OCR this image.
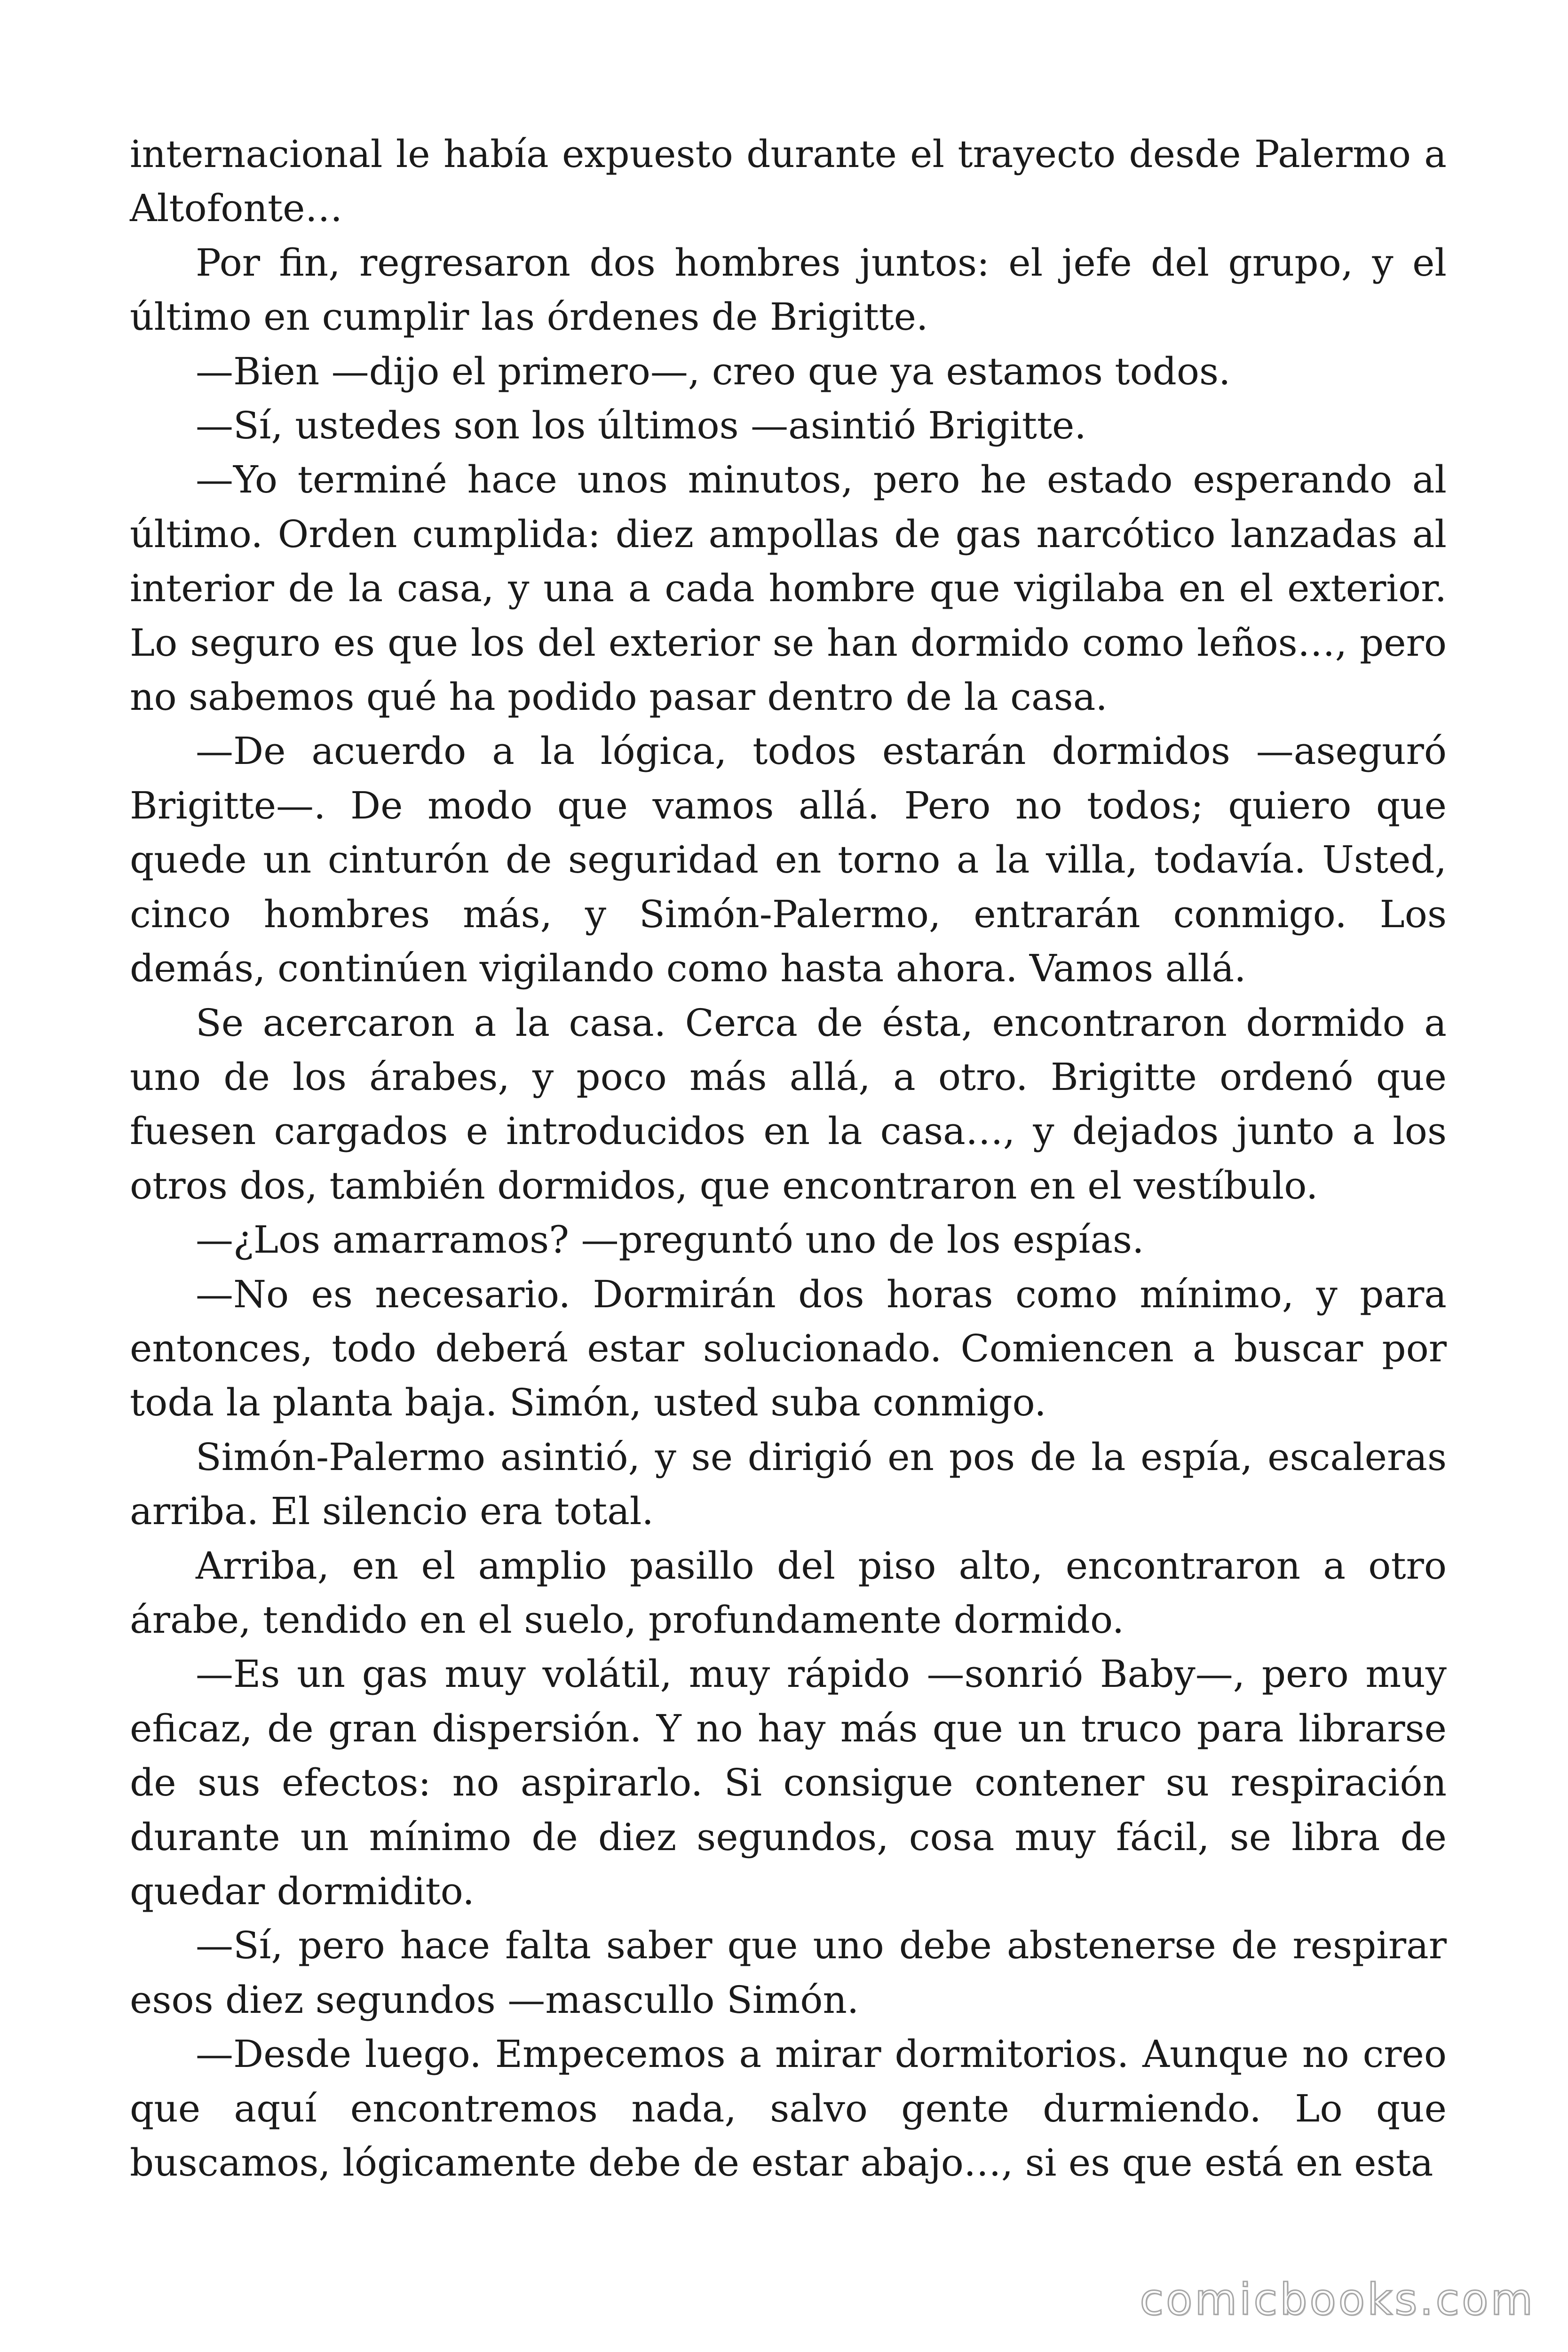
internacional le había expuesto durante el trayecto desde Palermo a Altofonte…

Por fin, regresaron dos hombres juntos: el jefe del grupo, y el último en cumplir las órdenes de Brigitte.

—Bien —dijo el primero—, creo que ya estamos todos.

—Sí, ustedes son los últimos —asintió Brigitte.

—Yo terminé hace unos minutos, pero he estado esperando al último. Orden cumplida: diez ampollas de gas narcótico lanzadas al interior de la casa, y una a cada hombre que vigilaba en el exterior. Lo seguro es que los del exterior se han dormido como leños…, pero no sabemos qué ha podido pasar dentro de la casa.

—De acuerdo a la lógica, todos estarán dormidos —aseguró Brigitte—. De modo que vamos allá. Pero no todos; quiero que quede un cinturón de seguridad en torno a la villa, todavía. Usted, cinco hombres más, y Simón-Palermo, entrarán conmigo. Los demás, continúen vigilando como hasta ahora. Vamos allá.

Se acercaron a la casa. Cerca de ésta, encontraron dormido a uno de los árabes, y poco más allá, a otro. Brigitte ordenó que fuesen cargados e introducidos en la casa…, y dejados junto a los otros dos, también dormidos, que encontraron en el vestíbulo.

—¿Los amarramos? —preguntó uno de los espías.

—No es necesario. Dormirán dos horas como mínimo, y para entonces, todo deberá estar solucionado. Comiencen a buscar por toda la planta baja. Simón, usted suba conmigo.

Simón-Palermo asintió, y se dirigió en pos de la espía, escaleras arriba. El silencio era total.

Arriba, en el amplio pasillo del piso alto, encontraron a otro árabe, tendido en el suelo, profundamente dormido.

—Es un gas muy volátil, muy rápido —sonrió Baby—, pero muy eficaz, de gran dispersión. Y no hay más que un truco para librarse de sus efectos: no aspirarlo. Si consigue contener su respiración durante un mínimo de diez segundos, cosa muy fácil, se libra de quedar dormidito.

—Sí, pero hace falta saber que uno debe abstenerse de respirar esos diez segundos —mascullo Simón.

—Desde luego. Empecemos a mirar dormitorios. Aunque no creo que aquí encontremos nada, salvo gente durmiendo. Lo que buscamos, lógicamente debe de estar abajo…, si es que está en esta

comicbooks.com
